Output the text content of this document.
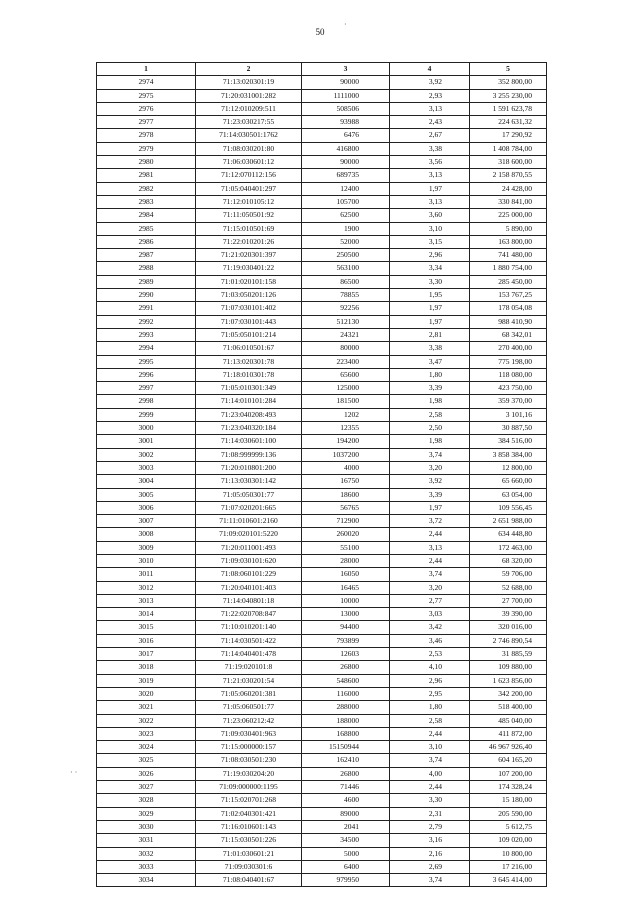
50
·
· ·
1	2	3	4	5
2974	71:13:020301:19	90000	3,92	352 800,00
2975	71:20:031001:282	1111000	2,93	3 255 230,00
2976	71:12:010209:511	508506	3,13	1 591 623,78
2977	71:23:030217:55	93988	2,43	224 631,32
2978	71:14:030501:1762	6476	2,67	17 290,92
2979	71:08:030201:80	416800	3,38	1 408 784,00
2980	71:06:030601:12	90000	3,56	318 600,00
2981	71:12:070112:156	689735	3,13	2 158 870,55
2982	71:05:040401:297	12400	1,97	24 428,00
2983	71:12:010105:12	105700	3,13	330 841,00
2984	71:11:050501:92	62500	3,60	225 000,00
2985	71:15:010501:69	1900	3,10	5 890,00
2986	71:22:010201:26	52000	3,15	163 800,00
2987	71:21:020301:397	250500	2,96	741 480,00
2988	71:19:030401:22	563100	3,34	1 880 754,00
2989	71:01:020101:158	86500	3,30	285 450,00
2990	71:03:050201:126	78855	1,95	153 767,25
2991	71:07:030101:402	92256	1,97	178 054,08
2992	71:07:030101:443	512130	1,97	988 410,90
2993	71:05:050101:214	24321	2,81	68 342,01
2994	71:06:010501:67	80000	3,38	270 400,00
2995	71:13:020301:78	223400	3,47	775 198,00
2996	71:18:010301:78	65600	1,80	118 080,00
2997	71:05:010301:349	125000	3,39	423 750,00
2998	71:14:010101:284	181500	1,98	359 370,00
2999	71:23:040208:493	1202	2,58	3 101,16
3000	71:23:040320:184	12355	2,50	30 887,50
3001	71:14:030601:100	194200	1,98	384 516,00
3002	71:08:999999:136	1037200	3,74	3 858 384,00
3003	71:20:010801:200	4000	3,20	12 800,00
3004	71:13:030301:142	16750	3,92	65 660,00
3005	71:05:050301:77	18600	3,39	63 054,00
3006	71:07:020201:665	56765	1,97	109 556,45
3007	71:11:010601:2160	712900	3,72	2 651 988,00
3008	71:09:020101:5220	260020	2,44	634 448,80
3009	71:20:011001:493	55100	3,13	172 463,00
3010	71:09:030101:620	28000	2,44	68 320,00
3011	71:08:060101:229	16050	3,74	59 706,00
3012	71:20:040101:403	16465	3,20	52 688,00
3013	71:14:040801:18	10000	2,77	27 700,00
3014	71:22:020708:847	13000	3,03	39 390,00
3015	71:10:010201:140	94400	3,42	320 016,00
3016	71:14:030501:422	793899	3,46	2 746 890,54
3017	71:14:040401:478	12603	2,53	31 885,59
3018	71:19:020101:8	26800	4,10	109 880,00
3019	71:21:030201:54	548600	2,96	1 623 856,00
3020	71:05:060201:381	116000	2,95	342 200,00
3021	71:05:060501:77	288000	1,80	518 400,00
3022	71:23:060212:42	188000	2,58	485 040,00
3023	71:09:030401:963	168800	2,44	411 872,00
3024	71:15:000000:157	15150944	3,10	46 967 926,40
3025	71:08:030501:230	162410	3,74	604 165,20
3026	71:19:030204:20	26800	4,00	107 200,00
3027	71:09:000000:1195	71446	2,44	174 328,24
3028	71:15:020701:268	4600	3,30	15 180,00
3029	71:02:040301:421	89000	2,31	205 590,00
3030	71:16:010601:143	2041	2,79	5 612,75
3031	71:15:030501:226	34500	3,16	109 020,00
3032	71:01:030601:21	5000	2,16	10 800,00
3033	71:09:030301:6	6400	2,69	17 216,00
3034	71:08:040401:67	979950	3,74	3 645 414,00
